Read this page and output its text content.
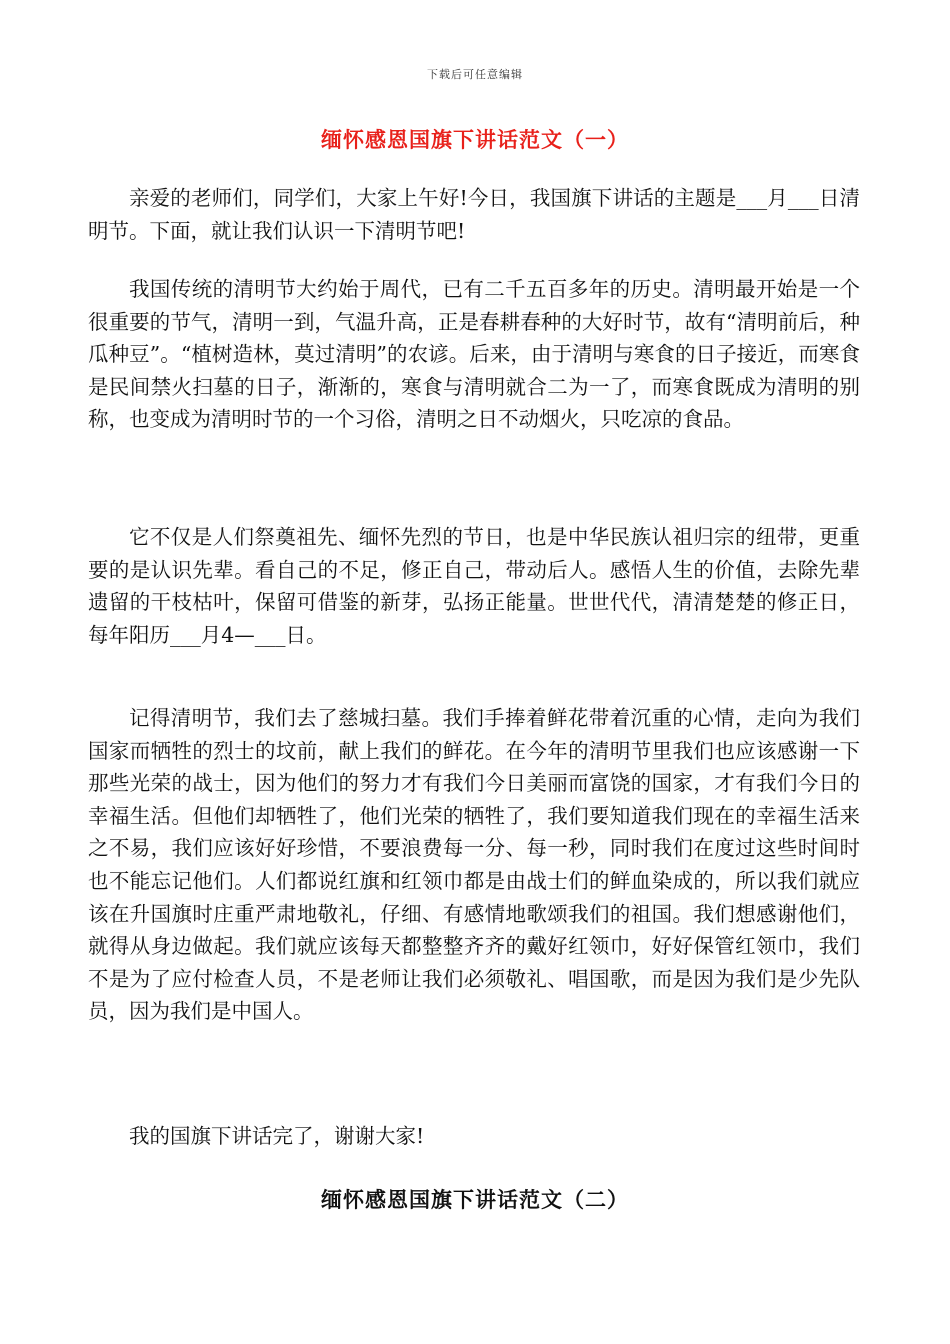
下载后可任意编辑
缅怀感恩国旗下讲话范文（一）

亲爱的老师们，同学们，大家上午好!今日，我国旗下讲话的主题是___月___日清明节。下面，就让我们认识一下清明节吧!

我国传统的清明节大约始于周代，已有二千五百多年的历史。清明最开始是一个很重要的节气，清明一到，气温升高，正是春耕春种的大好时节，故有“清明前后，种瓜种豆”。“植树造林，莫过清明”的农谚。后来，由于清明与寒食的日子接近，而寒食是民间禁火扫墓的日子，渐渐的，寒食与清明就合二为一了，而寒食既成为清明的别称，也变成为清明时节的一个习俗，清明之日不动烟火，只吃凉的食品。

它不仅是人们祭奠祖先、缅怀先烈的节日，也是中华民族认祖归宗的纽带，更重要的是认识先辈。看自己的不足，修正自己，带动后人。感悟人生的价值，去除先辈遗留的干枝枯叶，保留可借鉴的新芽，弘扬正能量。世世代代，清清楚楚的修正日，每年阳历___月4—___日。

记得清明节，我们去了慈城扫墓。我们手捧着鲜花带着沉重的心情，走向为我们国家而牺牲的烈士的坟前，献上我们的鲜花。在今年的清明节里我们也应该感谢一下那些光荣的战士，因为他们的努力才有我们今日美丽而富饶的国家，才有我们今日的幸福生活。但他们却牺牲了，他们光荣的牺牲了，我们要知道我们现在的幸福生活来之不易，我们应该好好珍惜，不要浪费每一分、每一秒，同时我们在度过这些时间时也不能忘记他们。人们都说红旗和红领巾都是由战士们的鲜血染成的，所以我们就应该在升国旗时庄重严肃地敬礼，仔细、有感情地歌颂我们的祖国。我们想感谢他们，就得从身边做起。我们就应该每天都整整齐齐的戴好红领巾，好好保管红领巾，我们不是为了应付检查人员，不是老师让我们必须敬礼、唱国歌，而是因为我们是少先队员，因为我们是中国人。

我的国旗下讲话完了，谢谢大家!

缅怀感恩国旗下讲话范文（二）
